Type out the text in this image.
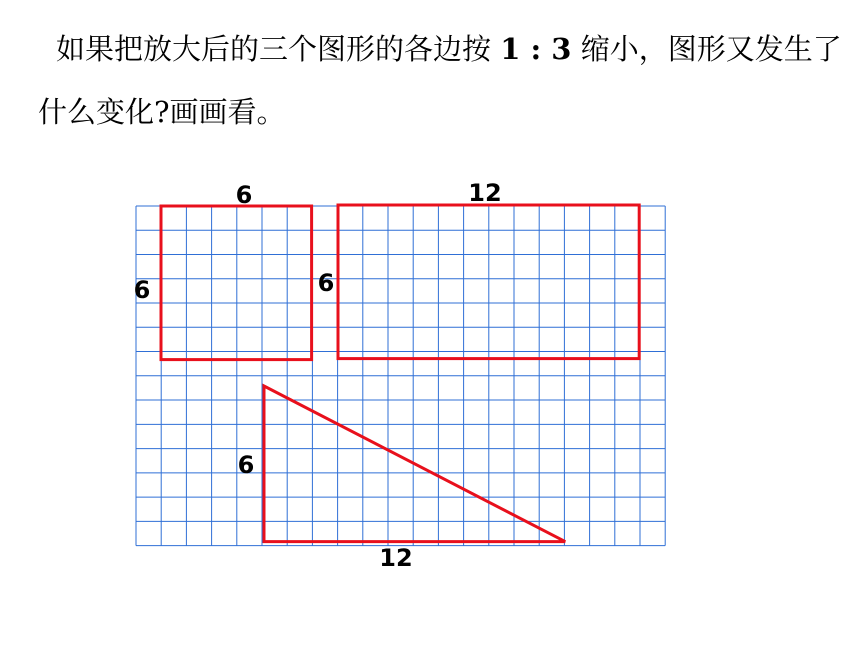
如果把放大后的三个图形的各边按 1 : 3 缩小，图形又发生了什么变化?画画看。
6
6
12
6
6
12
